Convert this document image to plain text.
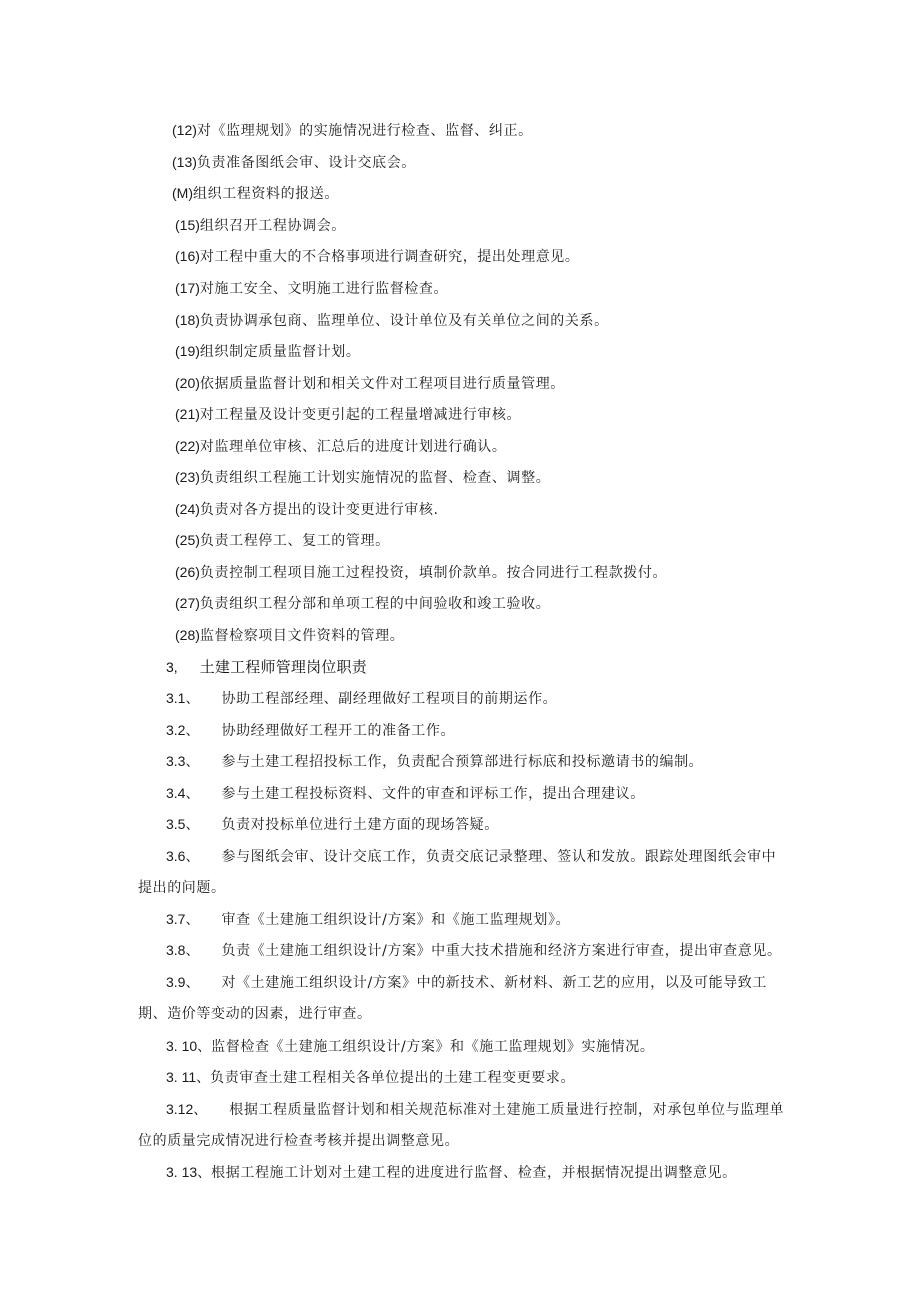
(12)对《监理规划》的实施情况进行检查、监督、纠正。
(13)负责准备图纸会审、设计交底会。
(M)组织工程资料的报送。
(15)组织召开工程协调会。
(16)对工程中重大的不合格事项进行调查研究，提出处理意见。
(17)对施工安全、文明施工进行监督检查。
(18)负责协调承包商、监理单位、设计单位及有关单位之间的关系。
(19)组织制定质量监督计划。
(20)依据质量监督计划和相关文件对工程项目进行质量管理。
(21)对工程量及设计变更引起的工程量增减进行审核。
(22)对监理单位审核、汇总后的进度计划进行确认。
(23)负责组织工程施工计划实施情况的监督、检查、调整。
(24)负责对各方提出的设计变更进行审核.
(25)负责工程停工、复工的管理。
(26)负责控制工程项目施工过程投资，填制价款单。按合同进行工程款拨付。
(27)负责组织工程分部和单项工程的中间验收和竣工验收。
(28)监督检察项目文件资料的管理。
3, 土建工程师管理岗位职责
3.1、 协助工程部经理、副经理做好工程项目的前期运作。
3.2、 协助经理做好工程开工的准备工作。
3.3、 参与土建工程招投标工作，负责配合预算部进行标底和投标邀请书的编制。
3.4、 参与土建工程投标资料、文件的审查和评标工作，提出合理建议。
3.5、 负责对投标单位进行土建方面的现场答疑。
3.6、 参与图纸会审、设计交底工作，负责交底记录整理、签认和发放。跟踪处理图纸会审中提出的问题。
3.7、 审查《土建施工组织设计/方案》和《施工监理规划》。
3.8、 负责《土建施工组织设计/方案》中重大技术措施和经济方案进行审查，提出审查意见。
3.9、 对《土建施工组织设计/方案》中的新技术、新材料、新工艺的应用，以及可能导致工期、造价等变动的因素，进行审查。
3. 10、监督检查《土建施工组织设计/方案》和《施工监理规划》实施情况。
3. 11、负责审查土建工程相关各单位提出的土建工程变更要求。
3.12、 根据工程质量监督计划和相关规范标准对土建施工质量进行控制，对承包单位与监理单位的质量完成情况进行检查考核并提出调整意见。
3. 13、根据工程施工计划对土建工程的进度进行监督、检查，并根据情况提出调整意见。
